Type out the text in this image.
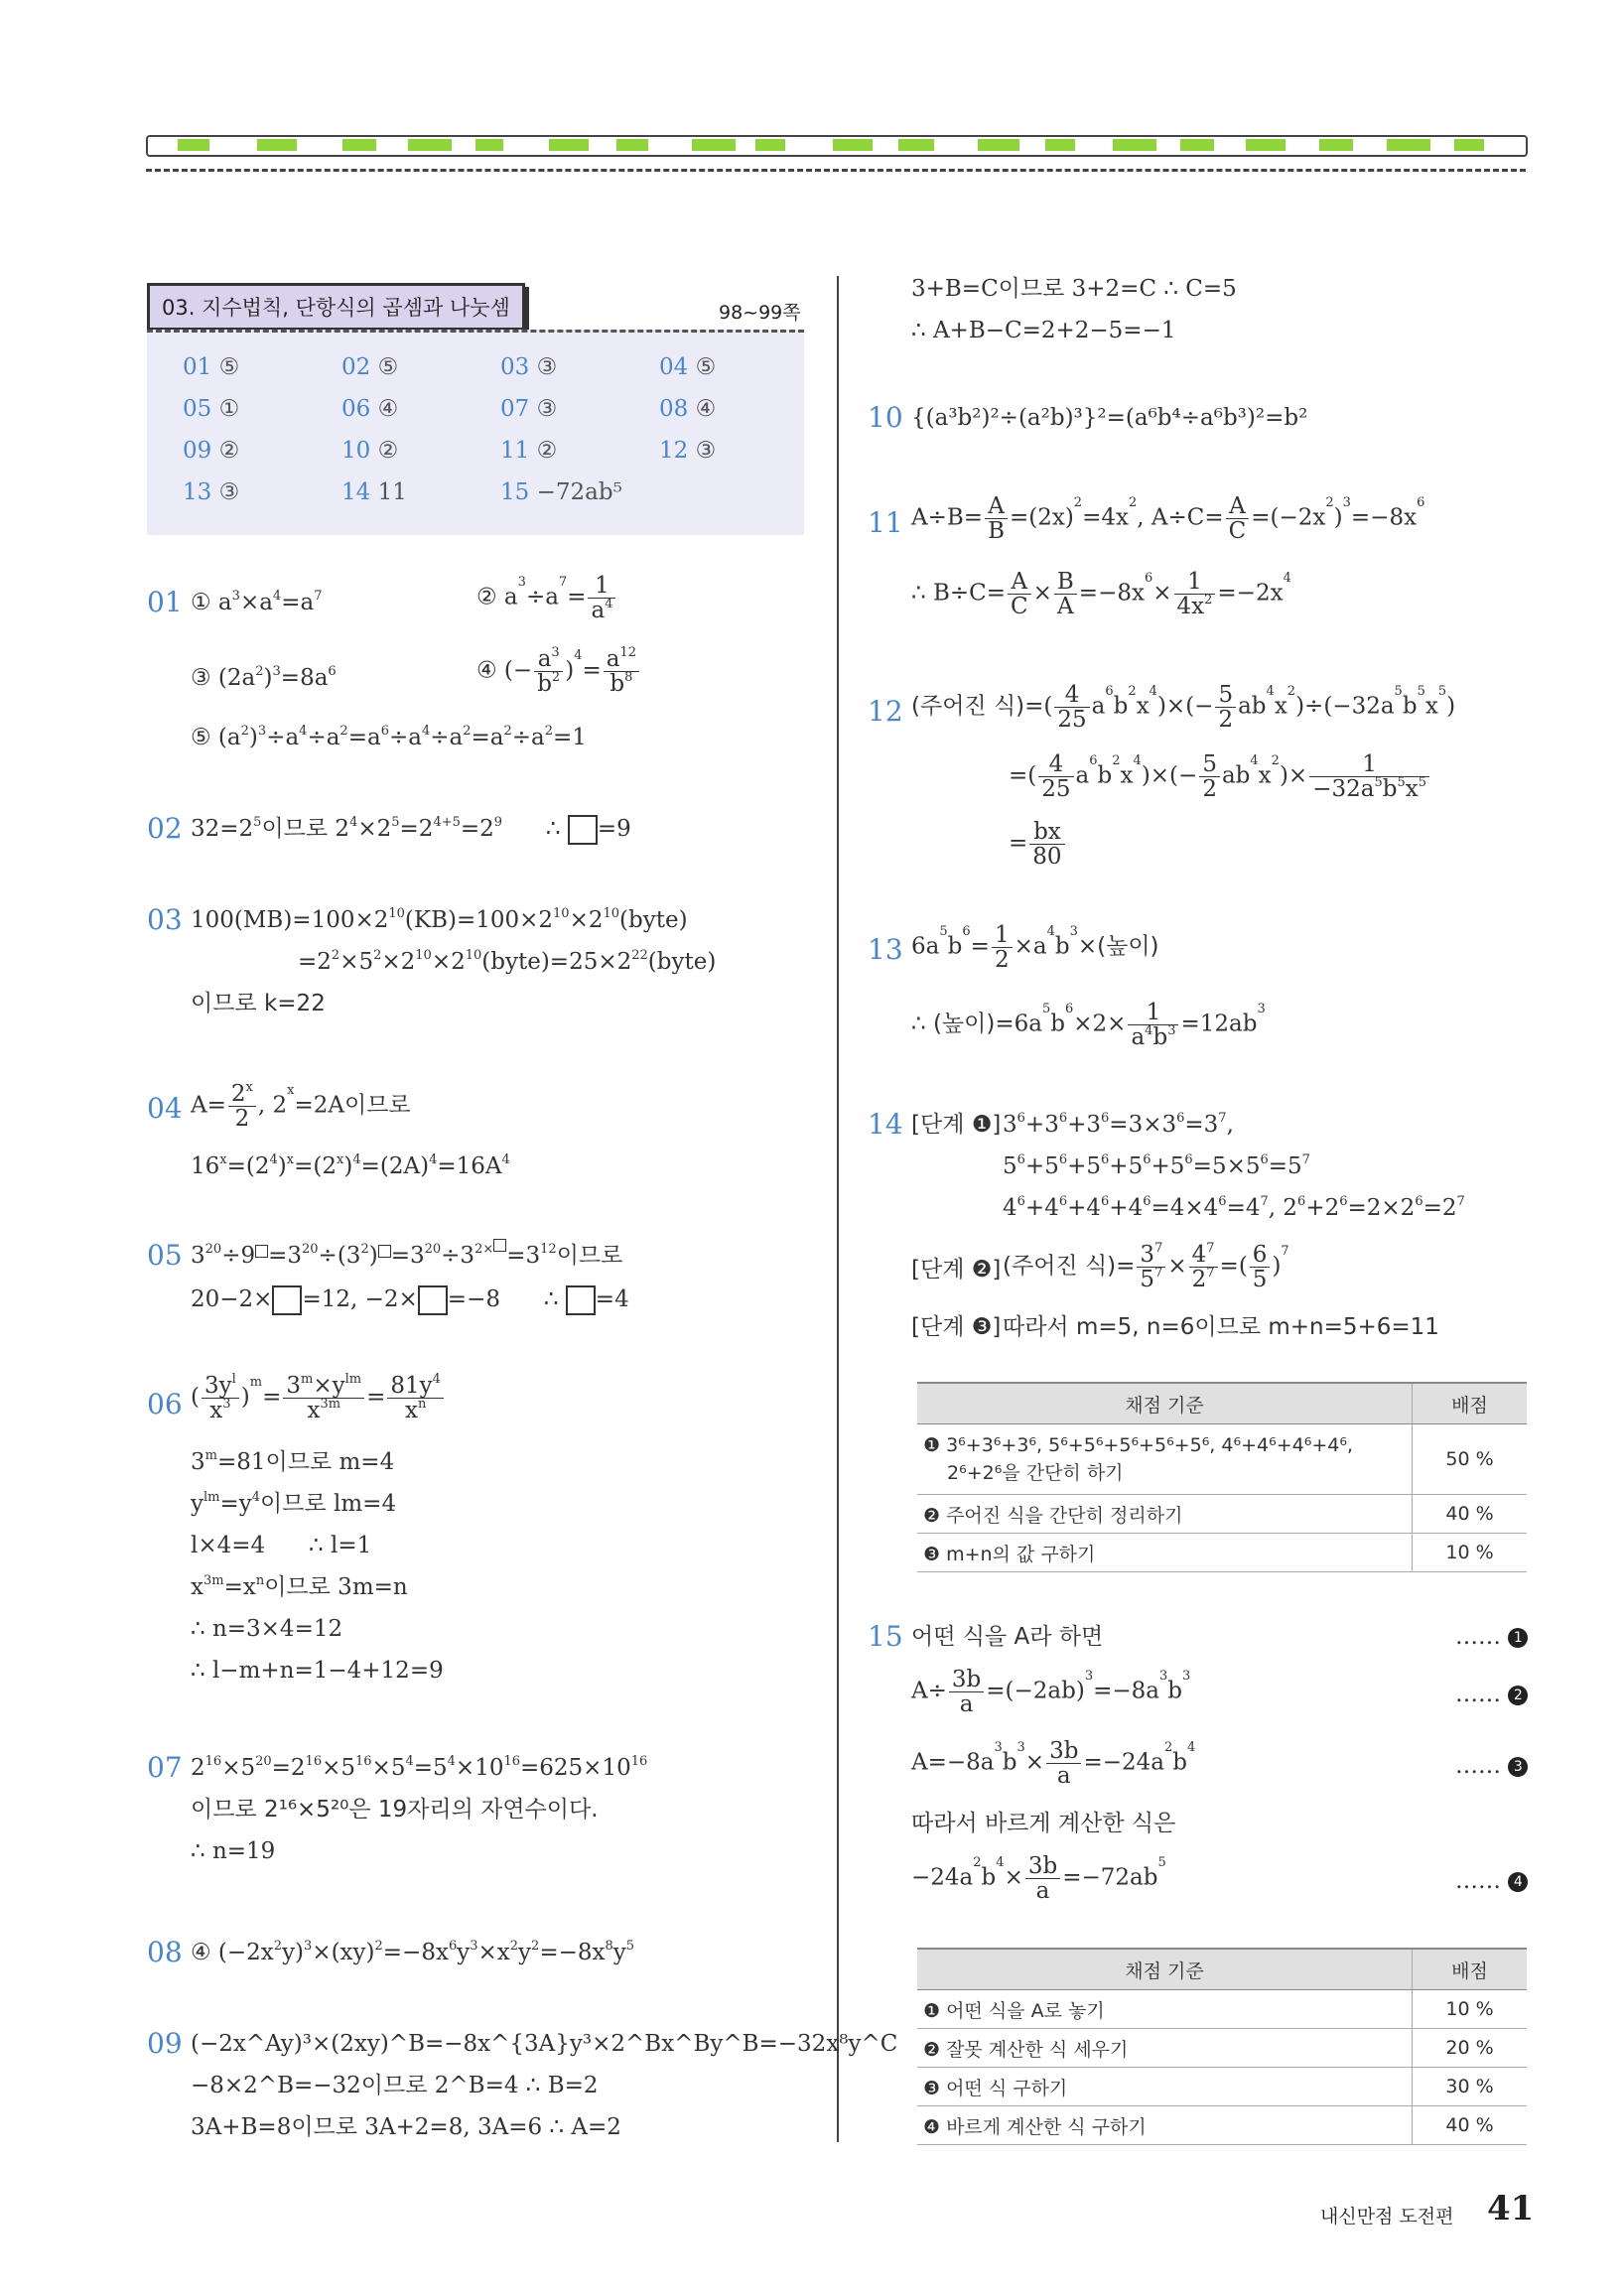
03. 지수법칙, 단항식의 곱셈과 나눗셈	98~99쪽
01 ⑤	02 ⑤	03 ③	04 ⑤
05 ①	06 ④	07 ③	08 ④
09 ②	10 ②	11 ②	12 ③
13 ③	14 11	15 −72ab⁵
01 ① $a^3\times a^4=a^7$	② $a^3\div a^7= \frac{1}{a^4}$
③ $(2a^2)^3=8a^6$	④ (− $\frac{a^3}{b^2} )^4= \frac{a^{12}}{b^8}$
⑤ $(a^2)^3\div a^4\div a^2=a^6\div a^4\div a^2=a^2\div a^2=1$
02 $32=2^5$이므로 $2^4\times 2^5=2^{4+5}=2^9$      ∴ =9
03 $100(MB)=100\times 2^{10}(KB)=100\times 2^{10}\times 2^{10}(byte)$
$=2^2\times 5^2\times 2^{10}\times 2^{10}(byte)=25\times 2^{22}(byte)$
이므로 k=22
04 $A= \frac{2^x}{2}$ , $2^x=2A$이므로
$16^x=(2^4)^x=(2^x)^4=(2A)^4=16A^4$
05 $3^{20}\div 9 =3^{20}\div(3^2) =3^{20}\div 3^{2\times} =3^{12}$이므로
20−2× =12, −2× =−8      ∴ =4
06 ( $\frac{3y^l}{x^3} )^m= \frac{3^m\times y^{lm}}{x^{3m}} = \frac{81y^4}{x^n}$
$3^m=81$이므로 m=4
$y^{lm}=y^4$이므로 lm=4
l×4=4      ∴ l=1
$x^{3m}=x^n$이므로 3m=n
∴ n=3×4=12
∴ l−m+n=1−4+12=9
07 $2^{16}\times 5^{20}=2^{16}\times 5^{16}\times 5^4=5^4\times 10^{16}=625\times 10^{16}$
이므로 2¹⁶×5²⁰은 19자리의 자연수이다.
∴ n=19
08 ④ $(-2x^2y)^3\times(xy)^2=-8x^6y^3\times x^2y^2=-8x^8y^5$
09 (−2x^Ay)³×(2xy)^B=−8x^{3A}y³×2^Bx^By^B=−32x⁸y^C
−8×2^B=−32이므로 2^B=4 ∴ B=2
3A+B=8이므로 3A+2=8, 3A=6 ∴ A=2
3+B=C이므로 3+2=C ∴ C=5
∴ A+B−C=2+2−5=−1
10 {(a³b²)²÷(a²b)³}²=(a⁶b⁴÷a⁶b³)²=b²
11 $A\div B= \frac{A}{B} =(2x)^2=4x^2$, $A\div C= \frac{A}{C} =(-2x^2)^3=-8x^6$
∴ $B\div C= \frac{A}{C} \times \frac{B}{A} =-8x^6\times \frac{1}{4x^2} =-2x^4$
12 (주어진 식)=( $\frac{4}{25} a^6b^2x^4)\times(- \frac{5}{2} ab^4x^2)\div(-32a^5b^5x^5)$
=( $\frac{4}{25} a^6b^2x^4)\times(- \frac{5}{2} ab^4x^2)\times \frac{1}{-32a^5b^5x^5}$
= $\frac{bx}{80}$
13 $6a^5b^6= \frac{1}{2} \times a^4b^3\times$(높이)
∴ (높이)$=6a^5b^6\times 2\times \frac{1}{a^4b^3} =12ab^3$
14 [단계 ❶] $3^6+3^6+3^6=3\times 3^6=3^7$,
$5^6+5^6+5^6+5^6+5^6=5\times 5^6=5^7$
$4^6+4^6+4^6+4^6=4\times 4^6=4^7$, $2^6+2^6=2\times 2^6=2^7$
[단계 ❷] (주어진 식)= $\frac{3^7}{5^7} \times \frac{4^7}{2^7}$ =( $\frac{6}{5} )^7$
[단계 ❸] 따라서 m=5, n=6이므로 m+n=5+6=11
채점 기준	배점
❶ 3⁶+3⁶+3⁶, 5⁶+5⁶+5⁶+5⁶+5⁶, 4⁶+4⁶+4⁶+4⁶,
2⁶+2⁶을 간단히 하기	50 %
❷ 주어진 식을 간단히 정리하기	40 %
❸ m+n의 값 구하기	10 %
15 어떤 식을 A라 하면	…… 1
$A\div \frac{3b}{a} =(-2ab)^3=-8a^3b^3$
…… 2
$A=-8a^3b^3\times \frac{3b}{a} =-24a^2b^4$
…… 3
따라서 바르게 계산한 식은
$-24a^2b^4\times \frac{3b}{a} =-72ab^5$
…… 4
채점 기준	배점
❶ 어떤 식을 A로 놓기	10 %
❷ 잘못 계산한 식 세우기	20 %
❸ 어떤 식 구하기	30 %
❹ 바르게 계산한 식 구하기	40 %
내신만점 도전편 41
